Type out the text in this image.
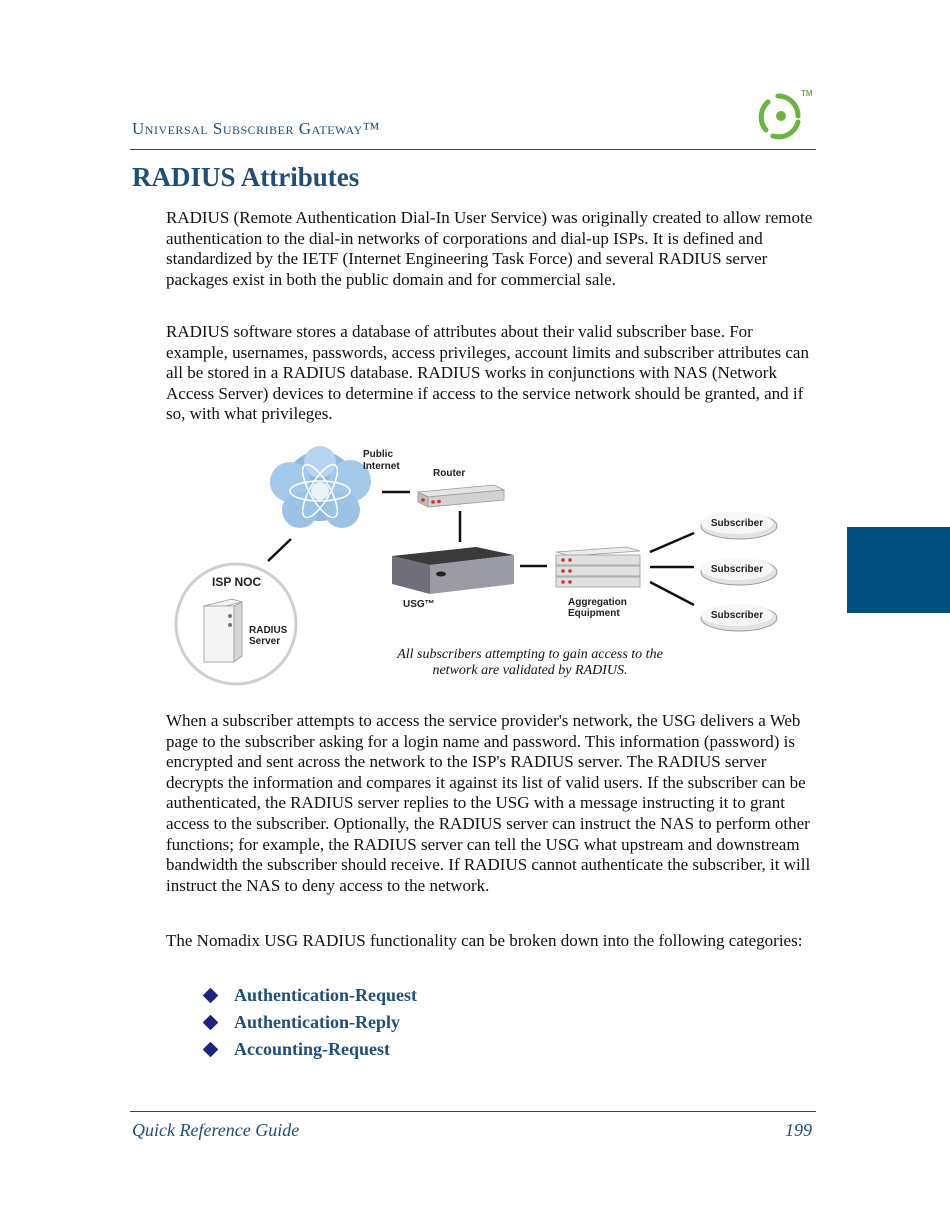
Universal Subscriber Gateway™
TM
RADIUS Attributes

RADIUS (Remote Authentication Dial-In User Service) was originally created to allow remote authentication to the dial-in networks of corporations and dial-up ISPs. It is defined and standardized by the IETF (Internet Engineering Task Force) and several RADIUS server packages exist in both the public domain and for commercial sale.

RADIUS software stores a database of attributes about their valid subscriber base. For example, usernames, passwords, access privileges, account limits and subscriber attributes can all be stored in a RADIUS database. RADIUS works in conjunctions with NAS (Network Access Server) devices to determine if access to the service network should be granted, and if so, with what privileges.

Public
Internet
Router
ISP NOC
RADIUS
Server
USG™	Aggregation
Equipment
Subscriber
Subscriber
Subscriber
All subscribers attempting to gain access to the
network are validated by RADIUS.

When a subscriber attempts to access the service provider's network, the USG delivers a Web page to the subscriber asking for a login name and password. This information (password) is encrypted and sent across the network to the ISP's RADIUS server. The RADIUS server decrypts the information and compares it against its list of valid users. If the subscriber can be authenticated, the RADIUS server replies to the USG with a message instructing it to grant access to the subscriber. Optionally, the RADIUS server can instruct the NAS to perform other functions; for example, the RADIUS server can tell the USG what upstream and downstream bandwidth the subscriber should receive. If RADIUS cannot authenticate the subscriber, it will instruct the NAS to deny access to the network.

The Nomadix USG RADIUS functionality can be broken down into the following categories:

Authentication-Request
Authentication-Reply
Accounting-Request
Quick Reference Guide	199
